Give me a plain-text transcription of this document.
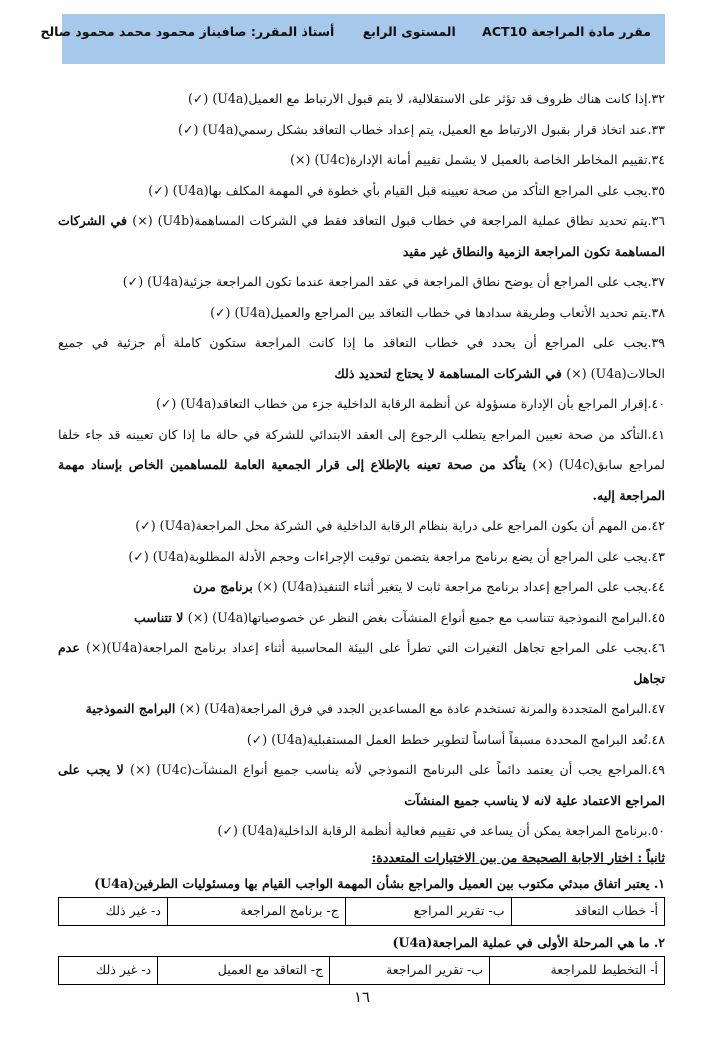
مقرر مادة المراجعة ACT10 المستوى الرابع أستاذ المقرر: صافيناز محمود محمد محمود صالح

٣٢.إذا كانت هناك ظروف قد تؤثر على الاستقلالية، لا يتم قبول الارتباط مع العميل(U4a) (✓)

٣٣.عند اتخاذ قرار بقبول الارتباط مع العميل، يتم إعداد خطاب التعاقد بشكل رسمي(U4a) (✓)

٣٤.تقييم المخاطر الخاصة بالعميل لا يشمل تقييم أمانة الإدارة(U4c) (×)

٣٥.يجب على المراجع التأكد من صحة تعيينه قبل القيام بأي خطوة في المهمة المكلف بها(U4a) (✓)

٣٦.يتم تحديد نطاق عملية المراجعة في خطاب قبول التعاقد فقط في الشركات المساهمة(U4b) (×) في الشركات المساهمة تكون المراجعة الزمية والنطاق غير مقيد

٣٧.يجب على المراجع أن يوضح نطاق المراجعة في عقد المراجعة عندما تكون المراجعة جزئية(U4a) (✓)

٣٨.يتم تحديد الأتعاب وطريقة سدادها في خطاب التعاقد بين المراجع والعميل(U4a) (✓)

٣٩.يجب على المراجع أن يحدد في خطاب التعاقد ما إذا كانت المراجعة ستكون كاملة أم جزئية في جميع الحالات(U4a) (×) في الشركات المساهمة لا يحتاج لتحديد ذلك

٤٠.إقرار المراجع بأن الإدارة مسؤولة عن أنظمة الرقابة الداخلية جزء من خطاب التعاقد(U4a) (✓)

٤١.التأكد من صحة تعيين المراجع يتطلب الرجوع إلى العقد الابتدائي للشركة في حالة ما إذا كان تعيينه قد جاء خلفا لمراجع سابق(U4c) (×) يتأكد من صحة تعينه بالإطلاع إلى قرار الجمعية العامة للمساهمين الخاص بإسناد مهمة المراجعة إليه.

٤٢.من المهم أن يكون المراجع على دراية بنظام الرقابة الداخلية في الشركة محل المراجعة(U4a) (✓)

٤٣.يجب على المراجع أن يضع برنامج مراجعة يتضمن توقيت الإجراءات وحجم الأدلة المطلوبة(U4a) (✓)

٤٤.يجب على المراجع إعداد برنامج مراجعة ثابت لا يتغير أثناء التنفيذ(U4a) (×) برنامج مرن

٤٥.البرامج النموذجية تتناسب مع جميع أنواع المنشآت بغض النظر عن خصوصياتها(U4a) (×) لا تتناسب

٤٦.يجب على المراجع تجاهل التغيرات التي تطرأ على البيئة المحاسبية أثناء إعداد برنامج المراجعة(U4a)(×) عدم تجاهل

٤٧.البرامج المتجددة والمرنة تستخدم عادة مع المساعدين الجدد في فرق المراجعة(U4a) (×) البرامج النموذجية

٤٨.تُعد البرامج المحددة مسبقاً أساساً لتطوير خطط العمل المستقبلية(U4a) (✓)

٤٩.المراجع يجب أن يعتمد دائماً على البرنامج النموذجي لأنه يناسب جميع أنواع المنشآت(U4c) (×) لا يجب على المراجع الاعتماد علية لانه لا يناسب جميع المنشآت

٥٠.برنامج المراجعة يمكن أن يساعد في تقييم فعالية أنظمة الرقابة الداخلية(U4a) (✓)

ثانياً : اختار الاجابة الصحيحة من بين الاختيارات المتعددة:
١. يعتبر اتفاق مبدئي مكتوب بين العميل والمراجع بشأن المهمة الواجب القيام بها ومسئوليات الطرفين(U4a)
أ- خطاب التعاقد	ب- تقرير المراجع	ج- برنامج المراجعة	د- غير ذلك
٢. ما هي المرحلة الأولى في عملية المراجعة(U4a)
أ- التخطيط للمراجعة	ب- تقرير المراجعة	ج- التعاقد مع العميل	د- غير ذلك
١٦
